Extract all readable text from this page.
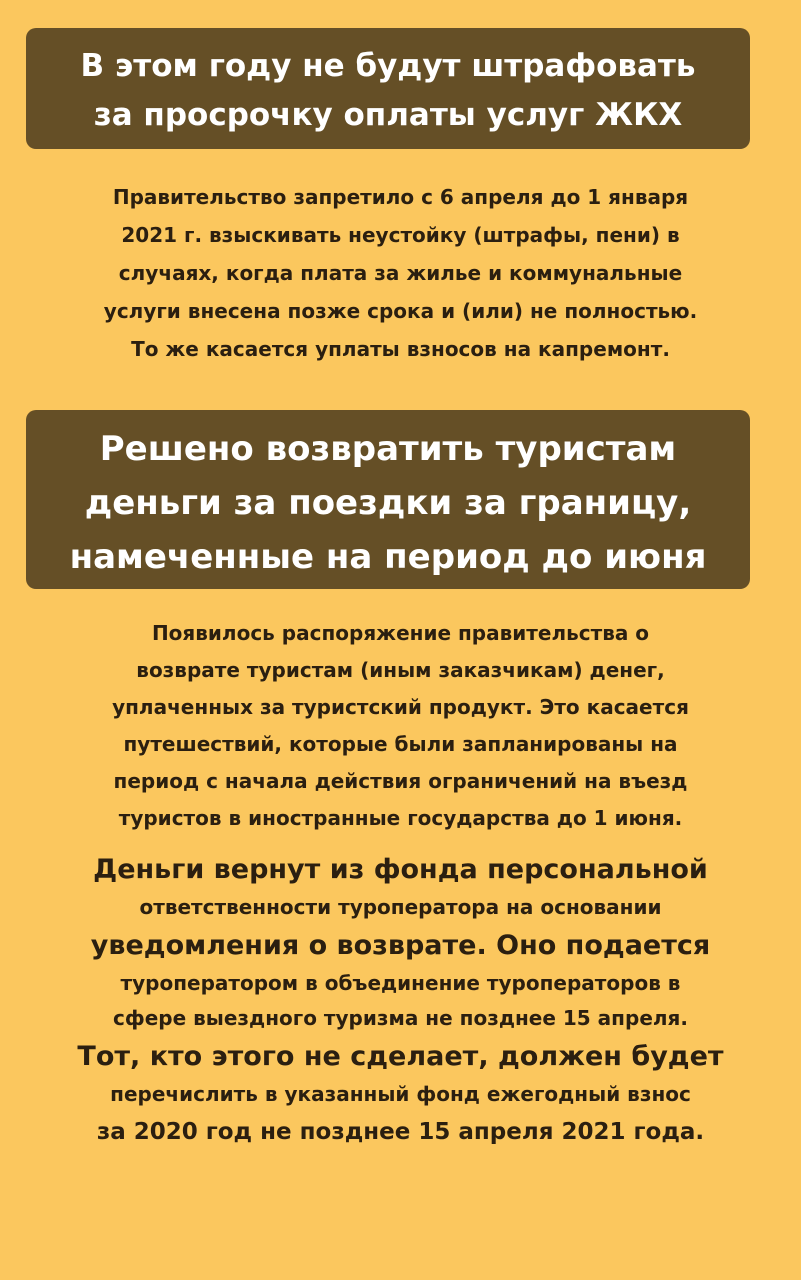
В этом году не будут штрафовать
за просрочку оплаты услуг ЖКХ
Правительство запретило с 6 апреля до 1 января
2021 г. взыскивать неустойку (штрафы, пени) в
случаях, когда плата за жилье и коммунальные
услуги внесена позже срока и (или) не полностью.
То же касается уплаты взносов на капремонт.
Решено возвратить туристам
деньги за поездки за границу,
намеченные на период до июня
Появилось распоряжение правительства о
возврате туристам (иным заказчикам) денег,
уплаченных за туристский продукт. Это касается
путешествий, которые были запланированы на
период с начала действия ограничений на въезд
туристов в иностранные государства до 1 июня.
Деньги вернут из фонда персональной
ответственности туроператора на основании
уведомления о возврате. Оно подается
туроператором в объединение туроператоров в
сфере выездного туризма не позднее 15 апреля.
Тот, кто этого не сделает, должен будет
перечислить в указанный фонд ежегодный взнос
за 2020 год не позднее 15 апреля 2021 года.
